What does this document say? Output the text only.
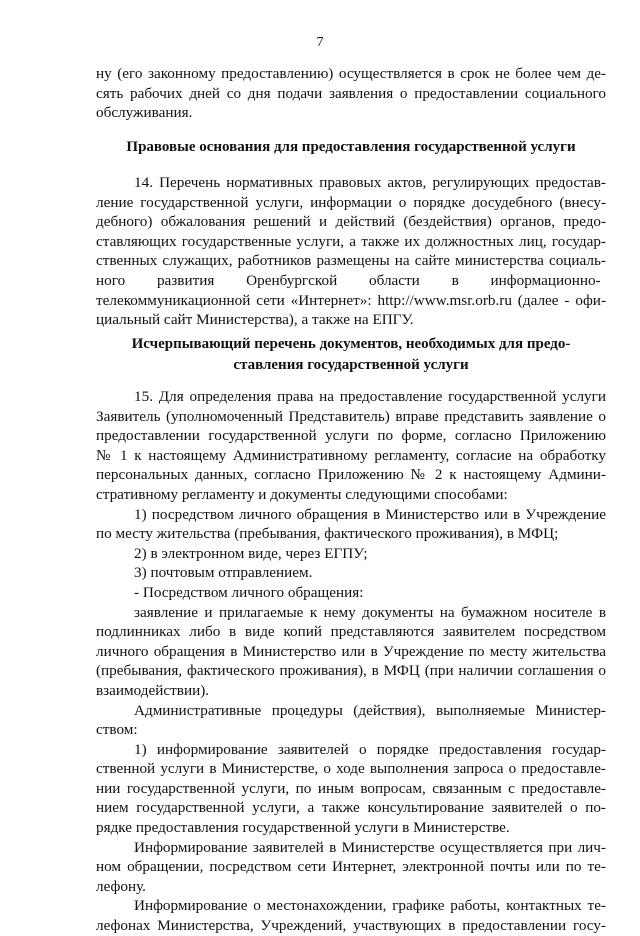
7

ну (его законному предоставлению) осуществляется в срок не более чем де-

сять рабочих дней со дня подачи заявления о предоставлении социального

обслуживания.

Правовые основания для предоставления государственной услуги

14. Перечень нормативных правовых актов, регулирующих предостав-

ление государственной услуги, информации о порядке досудебного (внесу-

дебного) обжалования решений и действий (бездействия) органов, предо-

ставляющих государственные услуги, а также их должностных лиц, государ-

ственных служащих, работников размещены на сайте министерства социаль-

ного развития Оренбургской области в информационно-

телекоммуникационной сети «Интернет»: http://www.msr.orb.ru (далее - офи-

циальный сайт Министерства), а также на ЕПГУ.

Исчерпывающий перечень документов, необходимых для предо-
ставления государственной услуги

15. Для определения права на предоставление государственной услуги

Заявитель (уполномоченный Представитель) вправе представить заявление о

предоставлении государственной услуги по форме, согласно Приложению

№ 1 к настоящему Административному регламенту, согласие на обработку

персональных данных, согласно Приложению № 2 к настоящему Админи-

стративному регламенту и документы следующими способами:

1) посредством личного обращения в Министерство или в Учреждение

по месту жительства (пребывания, фактического проживания), в МФЦ;

2) в электронном виде, через ЕГПУ;

3) почтовым отправлением.

- Посредством личного обращения:

заявление и прилагаемые к нему документы на бумажном носителе в

подлинниках либо в виде копий представляются заявителем посредством

личного обращения в Министерство или в Учреждение по месту жительства

(пребывания, фактического проживания), в МФЦ (при наличии соглашения о

взаимодействии).

Административные процедуры (действия), выполняемые Министер-

ством:

1) информирование заявителей о порядке предоставления государ-

ственной услуги в Министерстве, о ходе выполнения запроса о предоставле-

нии государственной услуги, по иным вопросам, связанным с предоставле-

нием государственной услуги, а также консультирование заявителей о по-

рядке предоставления государственной услуги в Министерстве.

Информирование заявителей в Министерстве осуществляется при лич-

ном обращении, посредством сети Интернет, электронной почты или по те-

лефону.

Информирование о местонахождении, графике работы, контактных те-

лефонах Министерства, Учреждений, участвующих в предоставлении госу-
